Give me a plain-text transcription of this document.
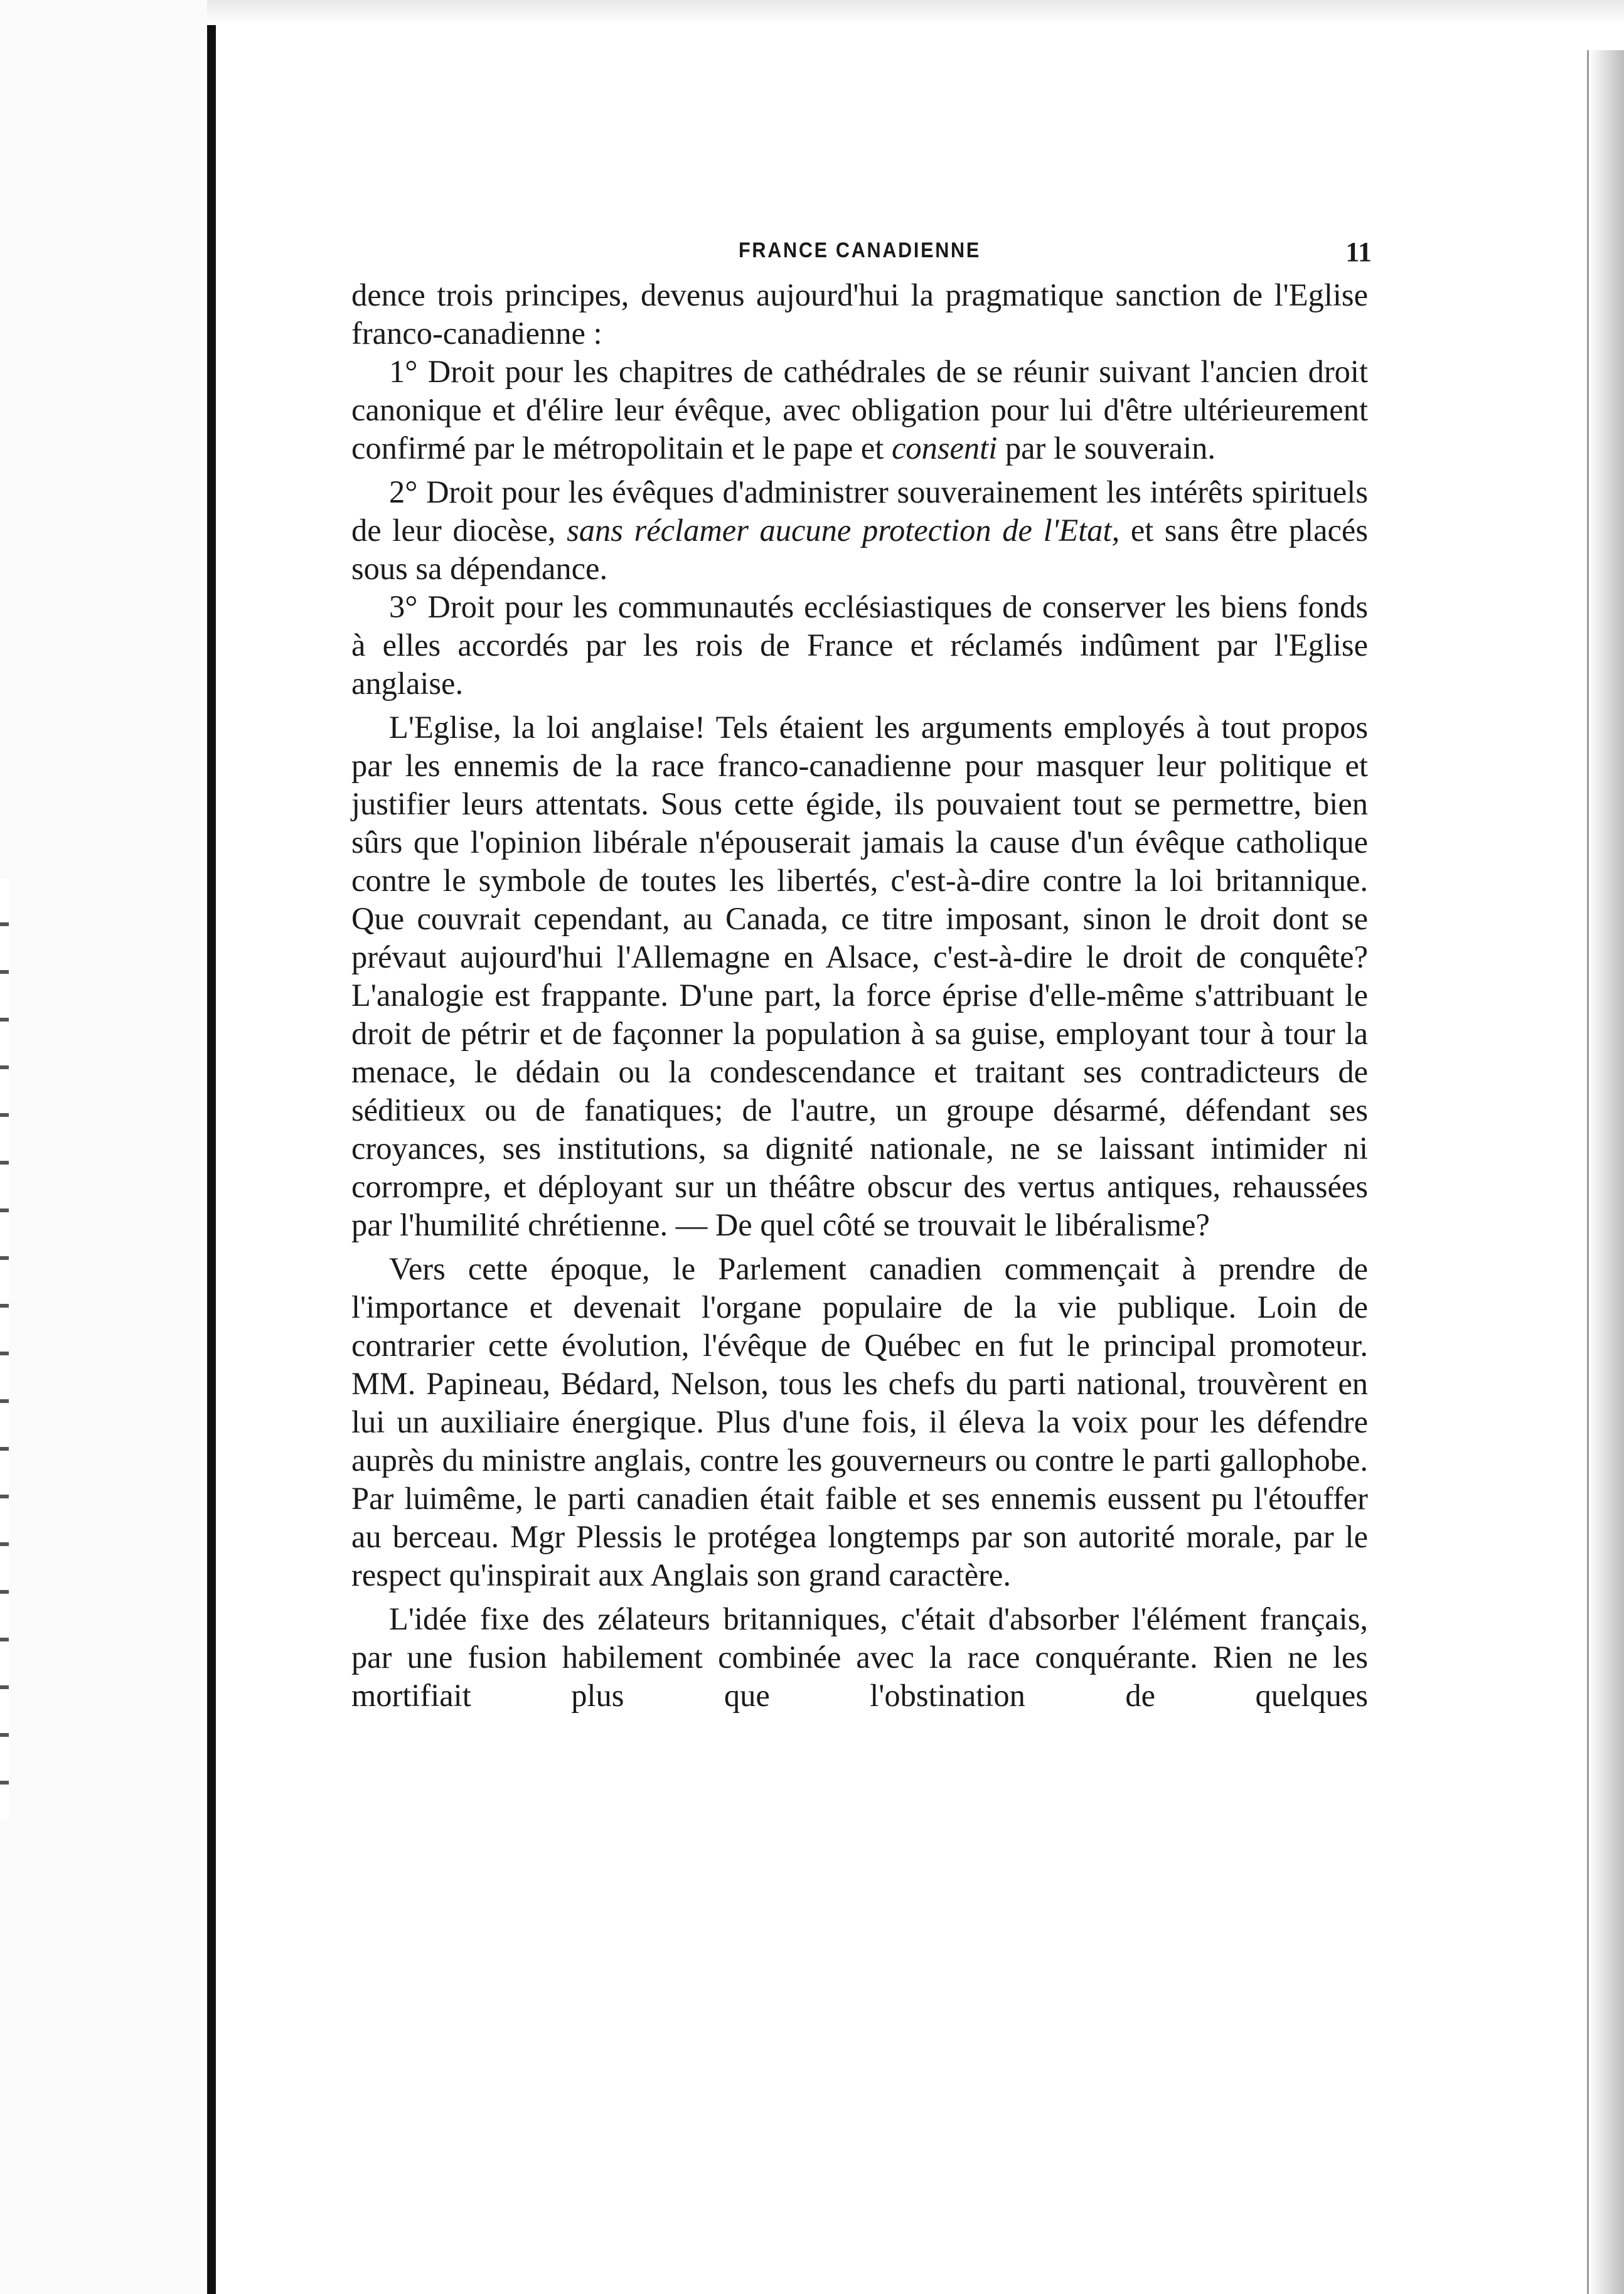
FRANCE CANADIENNE	11

dence trois principes, devenus aujourd'hui la pragmatique sanction de l'Eglise franco-canadienne :

1° Droit pour les chapitres de cathédrales de se réunir suivant l'ancien droit canonique et d'élire leur évêque, avec obligation pour lui d'être ultérieurement confirmé par le métropolitain et le pape et consenti par le souverain.

2° Droit pour les évêques d'administrer souverainement les intérêts spirituels de leur diocèse, sans réclamer aucune protection de l'Etat, et sans être placés sous sa dépendance.

3° Droit pour les communautés ecclésiastiques de conserver les biens fonds à elles accordés par les rois de France et réclamés indûment par l'Eglise anglaise.

L'Eglise, la loi anglaise! Tels étaient les arguments employés à tout propos par les ennemis de la race franco-canadienne pour masquer leur politique et justifier leurs attentats. Sous cette égide, ils pouvaient tout se permettre, bien sûrs que l'opinion libérale n'épouserait jamais la cause d'un évêque catholique contre le symbole de toutes les libertés, c'est-à-dire contre la loi britannique. Que couvrait cependant, au Canada, ce titre imposant, sinon le droit dont se prévaut aujourd'hui l'Allemagne en Alsace, c'est-à-dire le droit de conquête? L'analogie est frappante. D'une part, la force éprise d'elle-même s'attribuant le droit de pétrir et de façonner la population à sa guise, employant tour à tour la menace, le dédain ou la condescendance et traitant ses contradicteurs de séditieux ou de fanatiques; de l'autre, un groupe désarmé, défendant ses croyances, ses institutions, sa dignité nationale, ne se laissant intimider ni corrompre, et déployant sur un théâtre obscur des vertus antiques, rehaussées par l'humilité chrétienne. — De quel côté se trouvait le libéralisme?

Vers cette époque, le Parlement canadien commençait à prendre de l'importance et devenait l'organe populaire de la vie publique. Loin de contrarier cette évolution, l'évêque de Québec en fut le principal promoteur. MM. Papineau, Bédard, Nelson, tous les chefs du parti national, trouvèrent en lui un auxiliaire énergique. Plus d'une fois, il éleva la voix pour les défendre auprès du ministre anglais, contre les gouverneurs ou contre le parti gallophobe. Par luimême, le parti canadien était faible et ses ennemis eussent pu l'étouffer au berceau. Mgr Plessis le protégea longtemps par son autorité morale, par le respect qu'inspirait aux Anglais son grand caractère.

L'idée fixe des zélateurs britanniques, c'était d'absorber l'élément français, par une fusion habilement combinée avec la race conquérante. Rien ne les mortifiait plus que l'obstination de quelques
